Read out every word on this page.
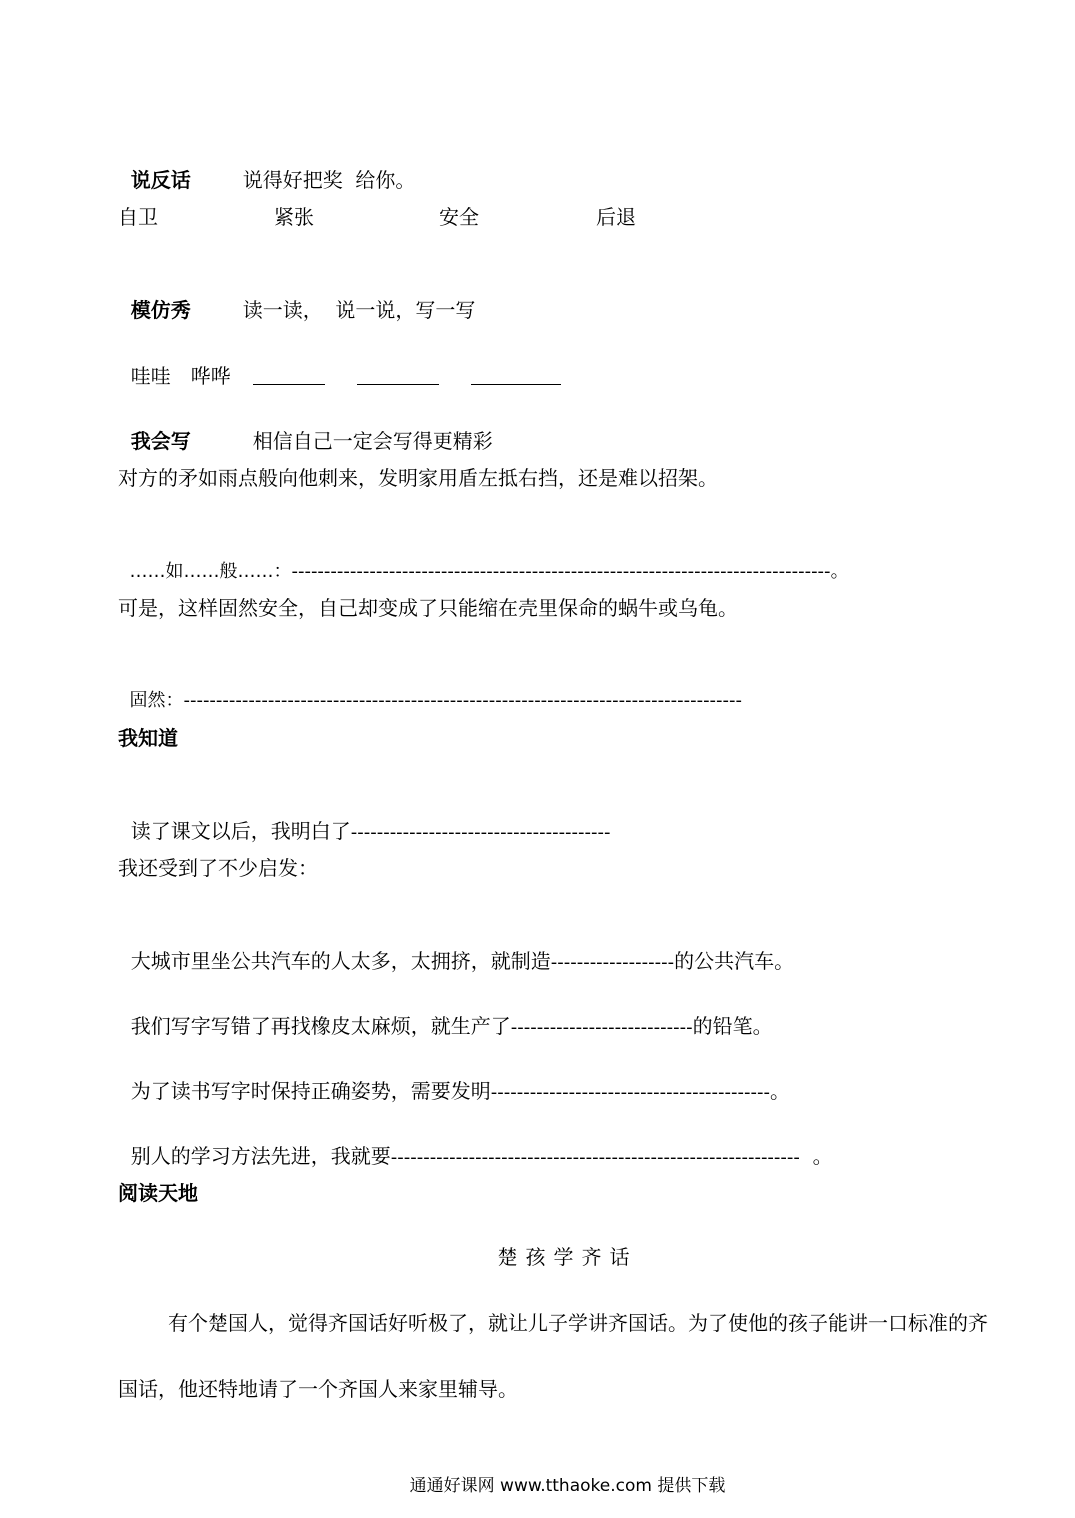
说反话	说得好把奖  给你。

自卫	紧张	安全	后退

模仿秀	读一读，  说一说，写一写

哇哇 哗哗

我会写	相信自己一定会写得更精彩

对方的矛如雨点般向他刺来，发明家用盾左抵右挡，还是难以招架。

……如……般……：-----------------------------------------------------------------------------------。

可是，这样固然安全，自己却变成了只能缩在壳里保命的蜗牛或乌龟。

固然：--------------------------------------------------------------------------------------

我知道

读了课文以后，我明白了----------------------------------------

我还受到了不少启发：

大城市里坐公共汽车的人太多，太拥挤，就制造-------------------的公共汽车。

我们写字写错了再找橡皮太麻烦，就生产了----------------------------的铅笔。

为了读书写字时保持正确姿势，需要发明-------------------------------------------。

别人的学习方法先进，我就要---------------------------------------------------------------  。

阅读天地
楚孩学齐话
有个楚国人，觉得齐国话好听极了，就让儿子学讲齐国话。为了使他的孩子能讲一口标准的齐
国话，他还特地请了一个齐国人来家里辅导。
通通好课网 www.tthaoke.com 提供下载
